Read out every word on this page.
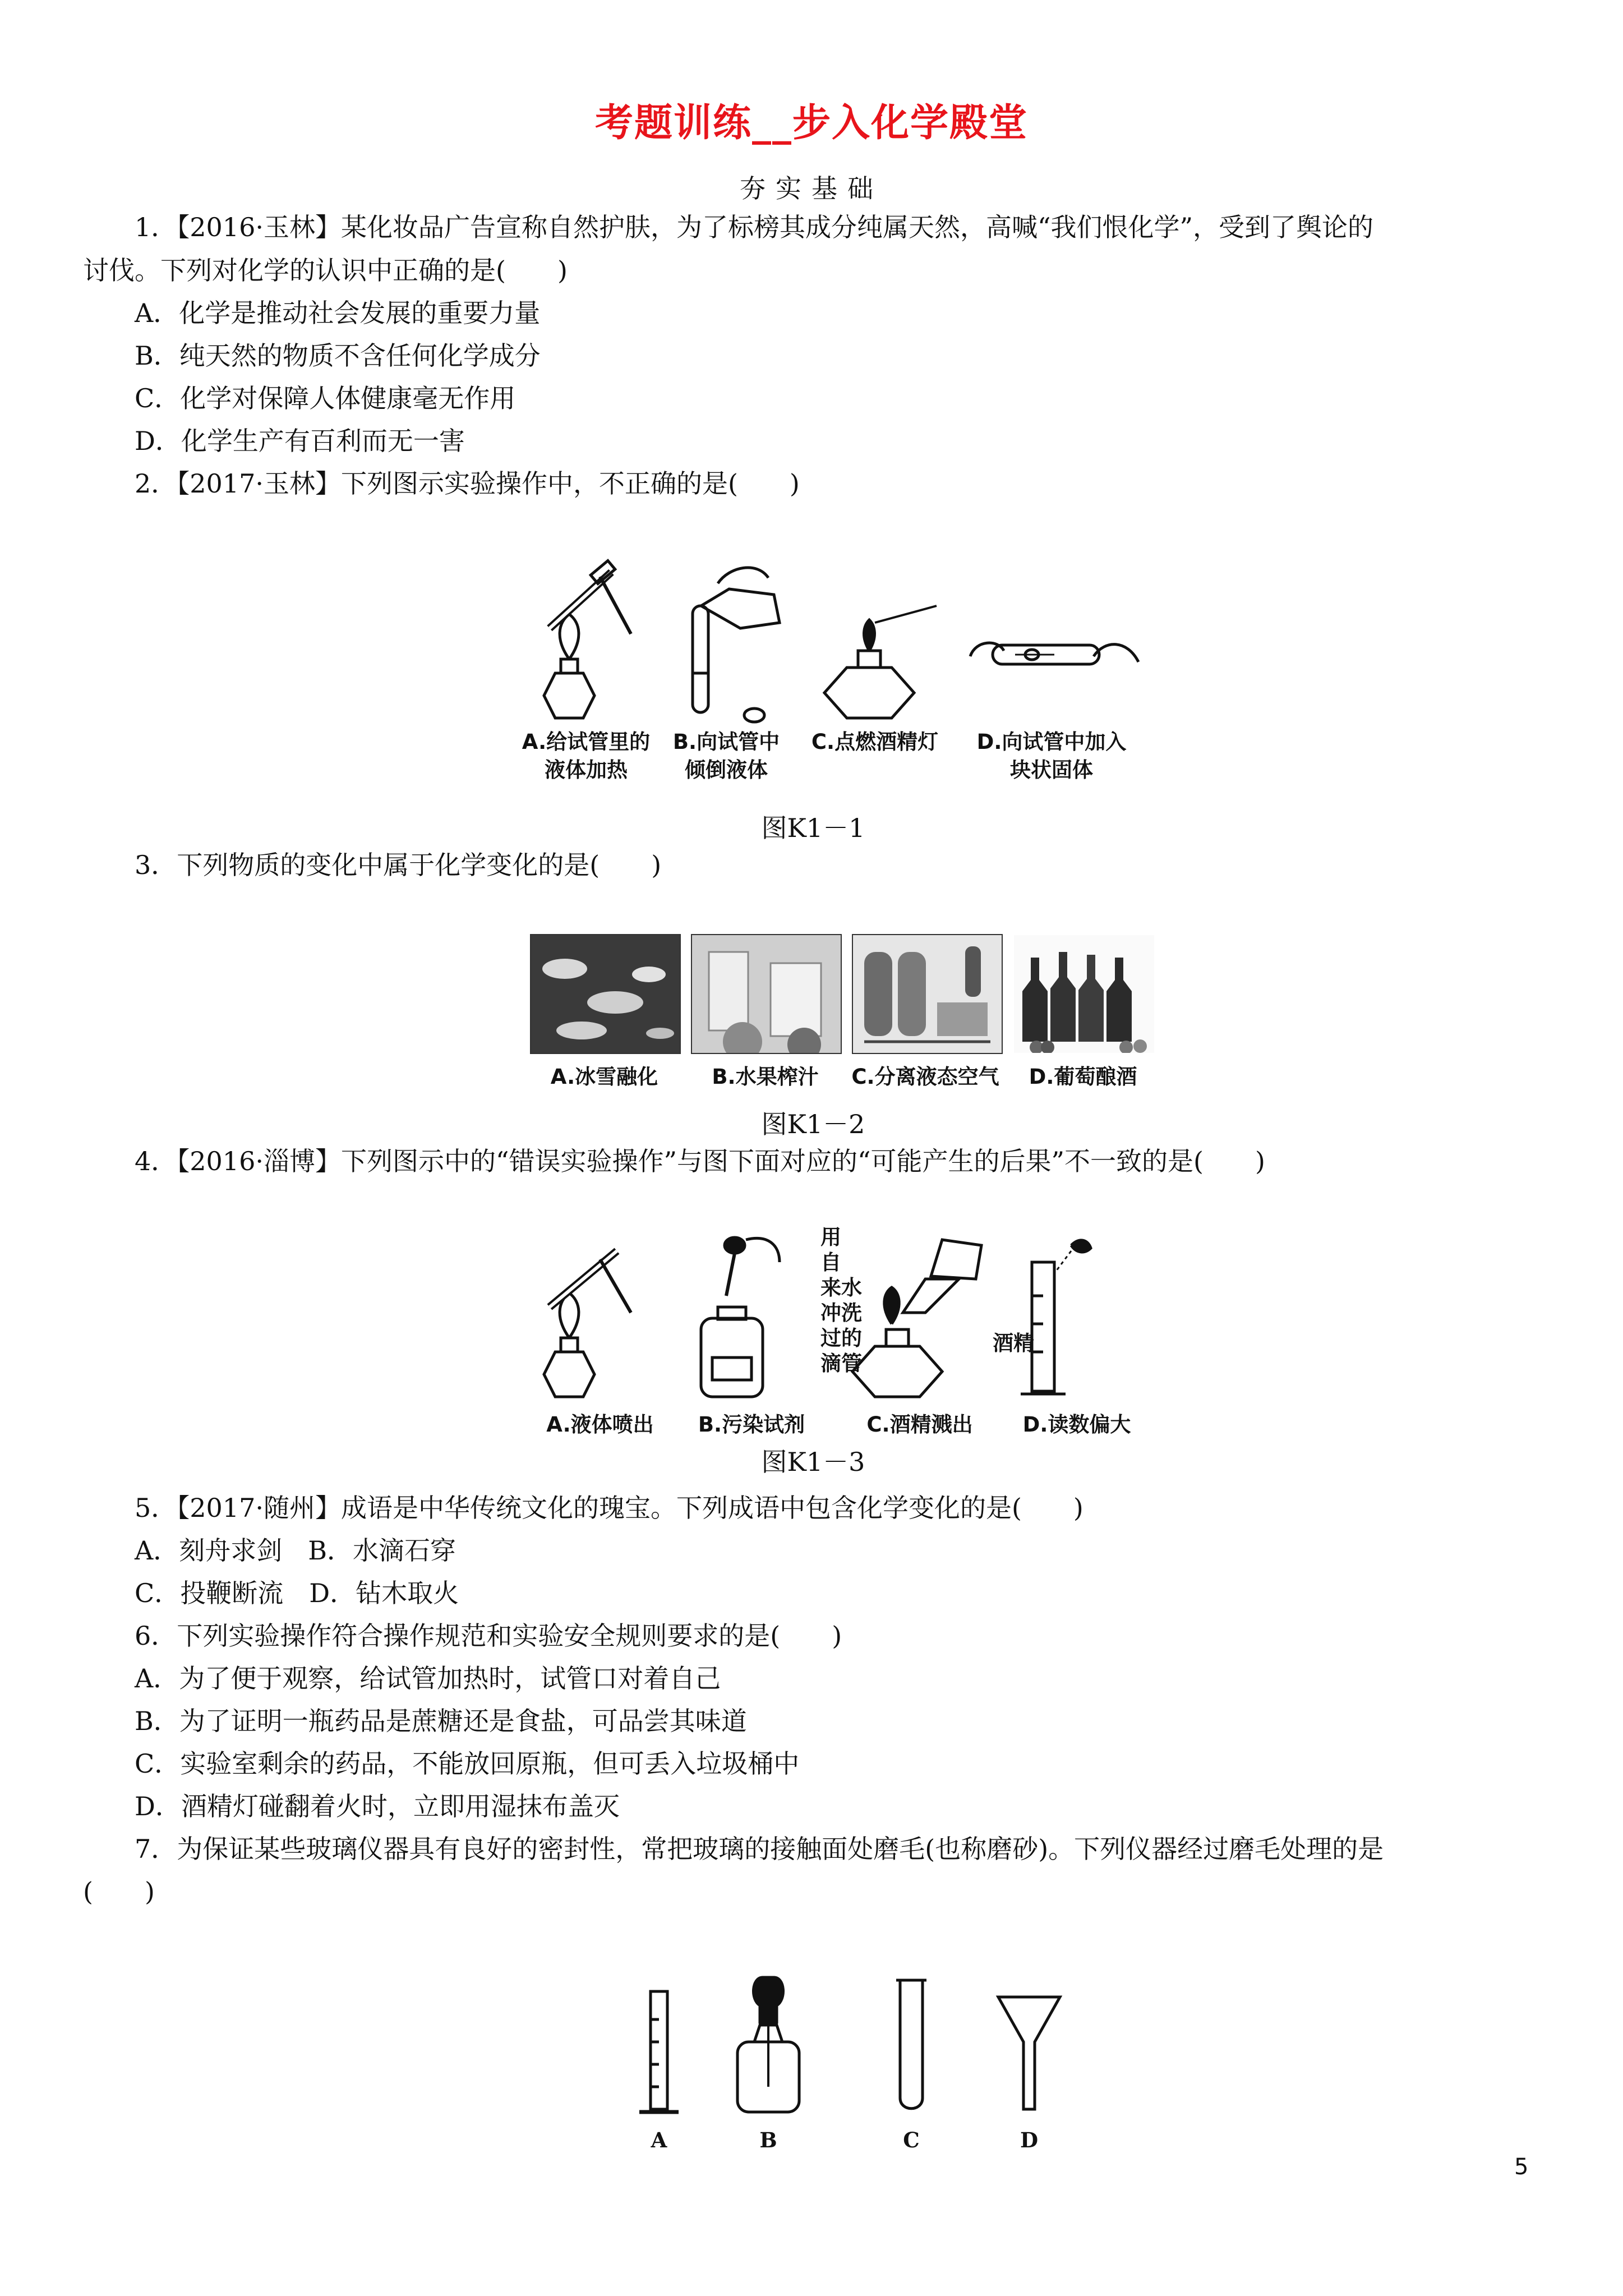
考题训练__步入化学殿堂
夯实基础
1．【2016·玉林】某化妆品广告宣称自然护肤，为了标榜其成分纯属天然，高喊“我们恨化学”，受到了舆论的
讨伐。下列对化学的认识中正确的是(　　)
A．化学是推动社会发展的重要力量
B．纯天然的物质不含任何化学成分
C．化学对保障人体健康毫无作用
D．化学生产有百利而无一害
2．【2017·玉林】下列图示实验操作中，不正确的是(　　)
A.给试管里的
液体加热
B.向试管中
倾倒液体
C.点燃酒精灯	D.向试管中加入
块状固体
图K1－1
3．下列物质的变化中属于化学变化的是(　　)
A.冰雪融化	B.水果榨汁	C.分离液态空气	D.葡萄酿酒
图K1－2
4．【2016·淄博】下列图示中的“错误实验操作”与图下面对应的“可能产生的后果”不一致的是(　　)
用
自
来水
冲洗
过的
滴管
酒精
A.液体喷出	B.污染试剂	C.酒精溅出	D.读数偏大
图K1－3
5．【2017·随州】成语是中华传统文化的瑰宝。下列成语中包含化学变化的是(　　)
A．刻舟求剑　B．水滴石穿
C．投鞭断流　D．钻木取火
6．下列实验操作符合操作规范和实验安全规则要求的是(　　)
A．为了便于观察，给试管加热时，试管口对着自己
B．为了证明一瓶药品是蔗糖还是食盐，可品尝其味道
C．实验室剩余的药品，不能放回原瓶，但可丢入垃圾桶中
D．酒精灯碰翻着火时，立即用湿抹布盖灭
7．为保证某些玻璃仪器具有良好的密封性，常把玻璃的接触面处磨毛(也称磨砂)。下列仪器经过磨毛处理的是
(　　)
A	B	C	D
5
